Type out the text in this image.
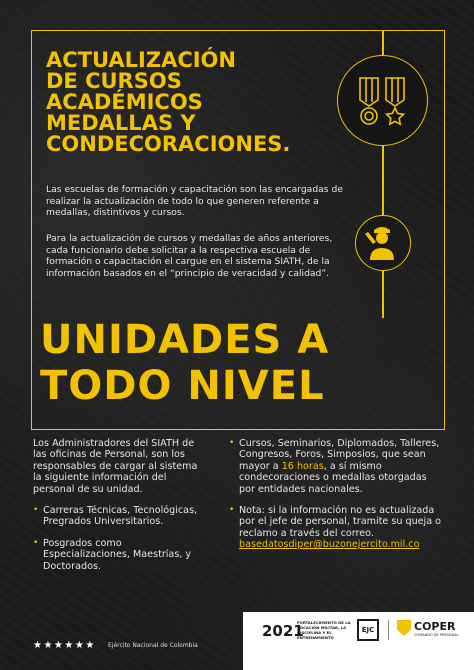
ACTUALIZACIÓN
DE CURSOS
ACADÉMICOS
MEDALLAS Y
CONDECORACIONES.

Las escuelas de formación y capacitación son las encargadas de realizar la actualización de todo lo que generen referente a medallas, distintivos y cursos.

Para la actualización de cursos y medallas de años anteriores, cada funcionario debe solicitar a la respectiva escuela de formación o capacitación el cargue en el sistema SIATH, de la información basados en el “principio de veracidad y calidad”.

UNIDADES A
TODO NIVEL

Los Administradores del SIATH de las oficinas de Personal, son los responsables de cargar al sistema la siguiente información del personal de su unidad.

• Carreras Técnicas, Tecnológicas, Pregrados Universitarios.

• Posgrados como Especializaciones, Maestrías, y Doctorados.

• Cursos, Seminarios, Diplomados, Talleres, Congresos, Foros, Simposios, que sean mayor a 16 horas, a sí mismo condecoraciones o medallas otorgadas por entidades nacionales.

• Nota: si la información no es actualizada por el jefe de personal, tramite su queja o reclamo a través del correo.

basedatosdiper@buzonejercito.mil.co
★★★★★★ Ejército Nacional de Colombia
2021
FORTALECIMIENTO DE LA VOCACIÓN MILITAR, LA DISCIPLINA Y EL ENTRENAMIENTO
EJC	COPER
COMANDO DE PERSONAL
